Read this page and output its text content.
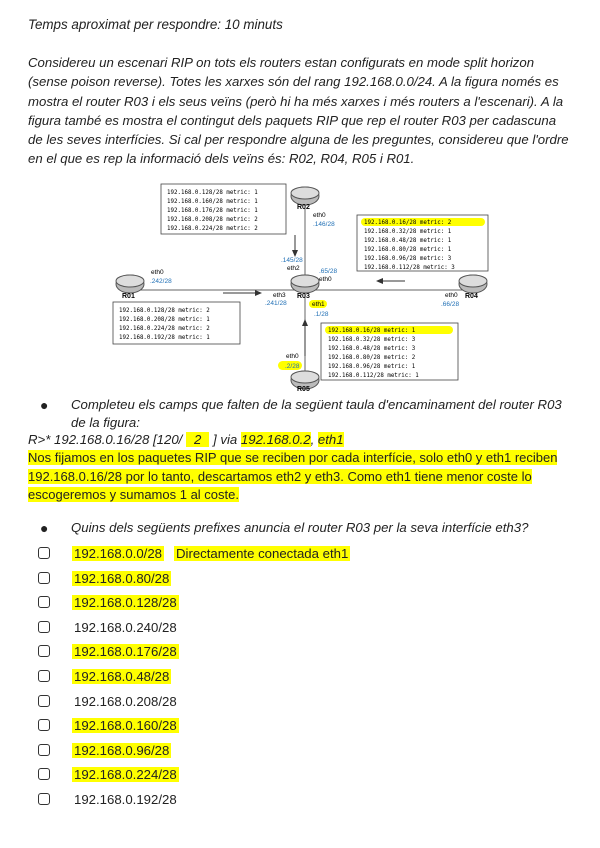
Temps aproximat per respondre: 10 minuts
Considereu un escenari RIP on tots els routers estan configurats en mode split horizon (sense poison reverse). Totes les xarxes són del rang 192.168.0.0/24. A la figura només es mostra el router R03 i els seus veïns (però hi ha més xarxes i més routers a l'escenari). A la figura també es mostra el contingut dels paquets RIP que rep el router R03 per cadascuna de les seves interfícies. Si cal per respondre alguna de les preguntes, considereu que l'ordre en el que es rep la informació dels veïns és: R02, R04, R05 i R01.
R01
R02
R03	R04
R05
eth0
.242/28
eth0
.146/28
.145/28
eth2	.65/28
eth0
eth3
.241/28	eth1
.1/28
eth0
.66/28
eth0
.2/28
192.168.0.128/28 metric: 1
192.168.0.160/28 metric: 1
192.168.0.176/28 metric: 1
192.168.0.208/28 metric: 2
192.168.0.224/28 metric: 2
192.168.0.16/28 metric: 2
192.168.0.32/28 metric: 1
192.168.0.48/28 metric: 1
192.168.0.80/28 metric: 1
192.168.0.96/28 metric: 3
192.168.0.112/28 metric: 3
192.168.0.128/28 metric: 2
192.168.0.208/28 metric: 1
192.168.0.224/28 metric: 2
192.168.0.192/28 metric: 1
192.168.0.16/28 metric: 1
192.168.0.32/28 metric: 3
192.168.0.48/28 metric: 3
192.168.0.80/28 metric: 2
192.168.0.96/28 metric: 1
192.168.0.112/28 metric: 1
● Completeu els camps que falten de la següent taula d'encaminament del router R03 de la figura:
R>* 192.168.0.16/28 [120/ 2 ] via 192.168.0.2, eth1
Nos fijamos en los paquetes RIP que se reciben por cada interfície, solo eth0 y eth1 reciben 192.168.0.16/28 por lo tanto, descartamos eth2 y eth3. Como eth1 tiene menor coste lo escogeremos y sumamos 1 al coste.
● Quins dels següents prefixes anuncia el router R03 per la seva interfície eth3?
192.168.0.0/28 Directamente conectada eth1
192.168.0.80/28
192.168.0.128/28
192.168.0.240/28
192.168.0.176/28
192.168.0.48/28
192.168.0.208/28
192.168.0.160/28
192.168.0.96/28
192.168.0.224/28
192.168.0.192/28
